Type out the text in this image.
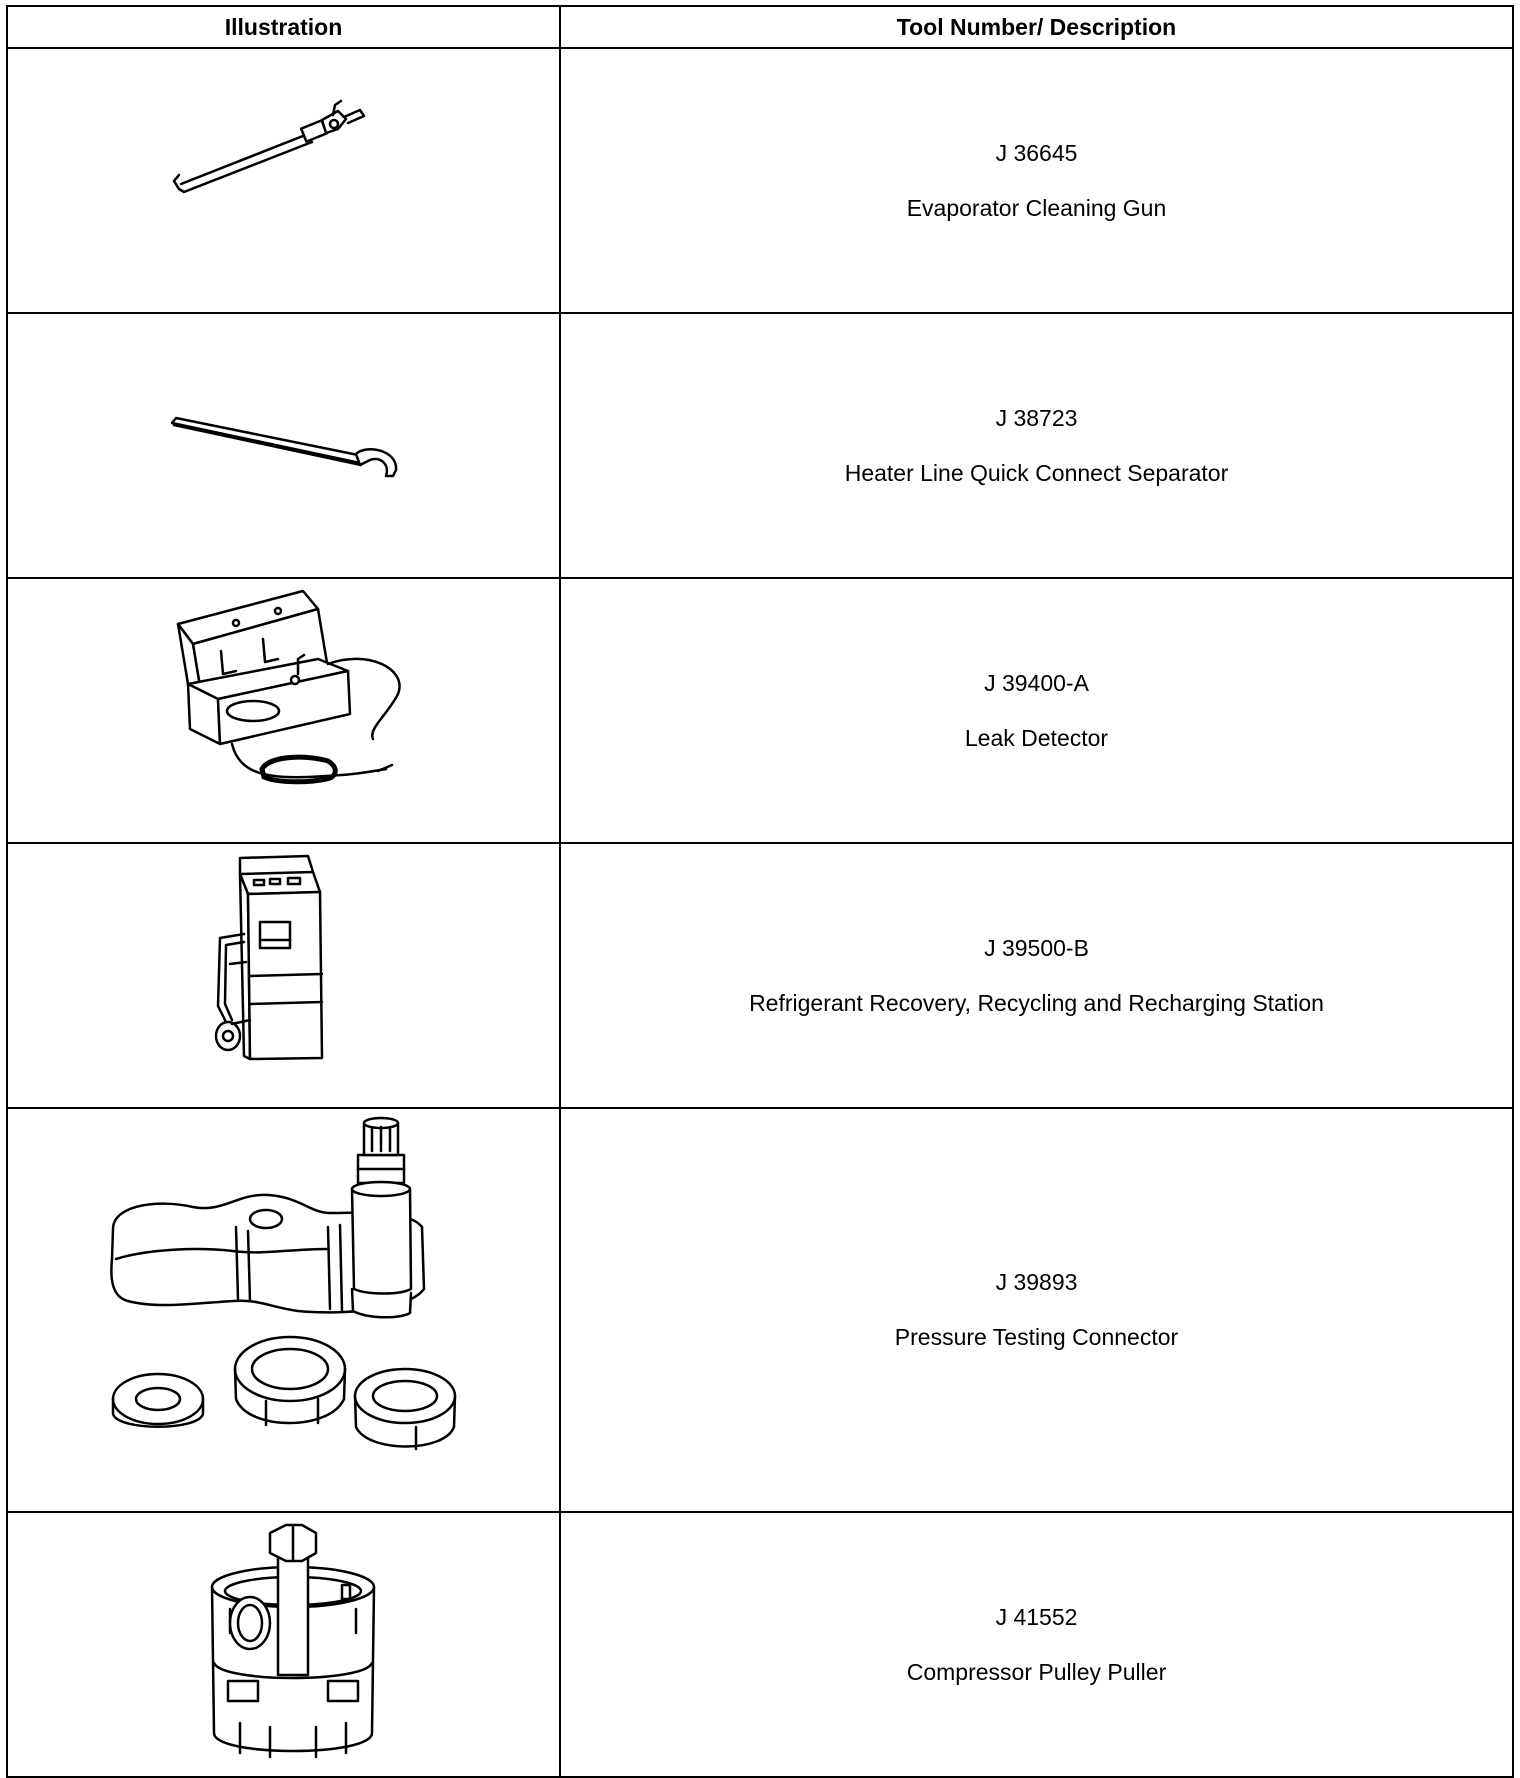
Illustration	Tool Number/ Description

J 36645
Evaporator Cleaning Gun

J 38723
Heater Line Quick Connect Separator

J 39400-A
Leak Detector

J 39500-B
Refrigerant Recovery, Recycling and Recharging Station

J 39893
Pressure Testing Connector

J 41552
Compressor Pulley Puller
